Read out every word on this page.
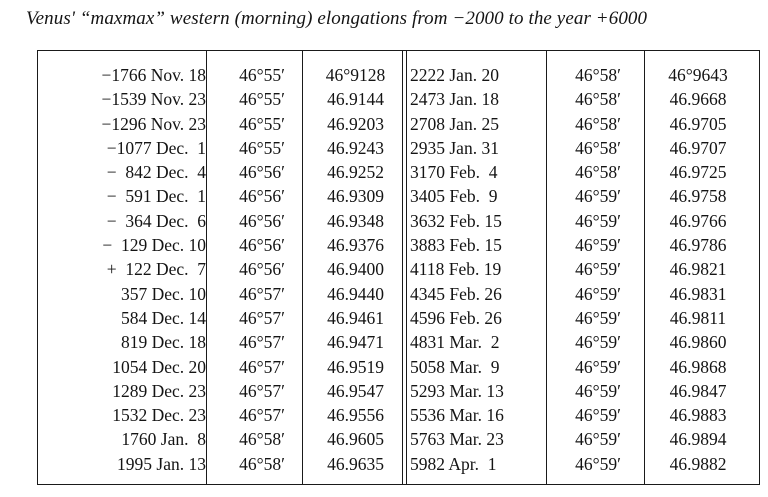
Venus' “maxmax” western (morning) elongations from −2000 to the year +6000
−1766 Nov. 18
−1539 Nov. 23
−1296 Nov. 23
−1077 Dec.  1
−  842 Dec.  4
−  591 Dec.  1
−  364 Dec.  6
−  129 Dec. 10
+  122 Dec.  7
357 Dec. 10
584 Dec. 14
819 Dec. 18
1054 Dec. 20
1289 Dec. 23
1532 Dec. 23
1760 Jan.  8
1995 Jan. 13
46°55′
46°55′
46°55′
46°55′
46°56′
46°56′
46°56′
46°56′
46°56′
46°57′
46°57′
46°57′
46°57′
46°57′
46°57′
46°58′
46°58′
46°9128
46.9144
46.9203
46.9243
46.9252
46.9309
46.9348
46.9376
46.9400
46.9440
46.9461
46.9471
46.9519
46.9547
46.9556
46.9605
46.9635
2222 Jan. 20
2473 Jan. 18
2708 Jan. 25
2935 Jan. 31
3170 Feb.  4
3405 Feb.  9
3632 Feb. 15
3883 Feb. 15
4118 Feb. 19
4345 Feb. 26
4596 Feb. 26
4831 Mar.  2
5058 Mar.  9
5293 Mar. 13
5536 Mar. 16
5763 Mar. 23
5982 Apr.  1
46°58′
46°58′
46°58′
46°58′
46°58′
46°59′
46°59′
46°59′
46°59′
46°59′
46°59′
46°59′
46°59′
46°59′
46°59′
46°59′
46°59′
46°9643
46.9668
46.9705
46.9707
46.9725
46.9758
46.9766
46.9786
46.9821
46.9831
46.9811
46.9860
46.9868
46.9847
46.9883
46.9894
46.9882
